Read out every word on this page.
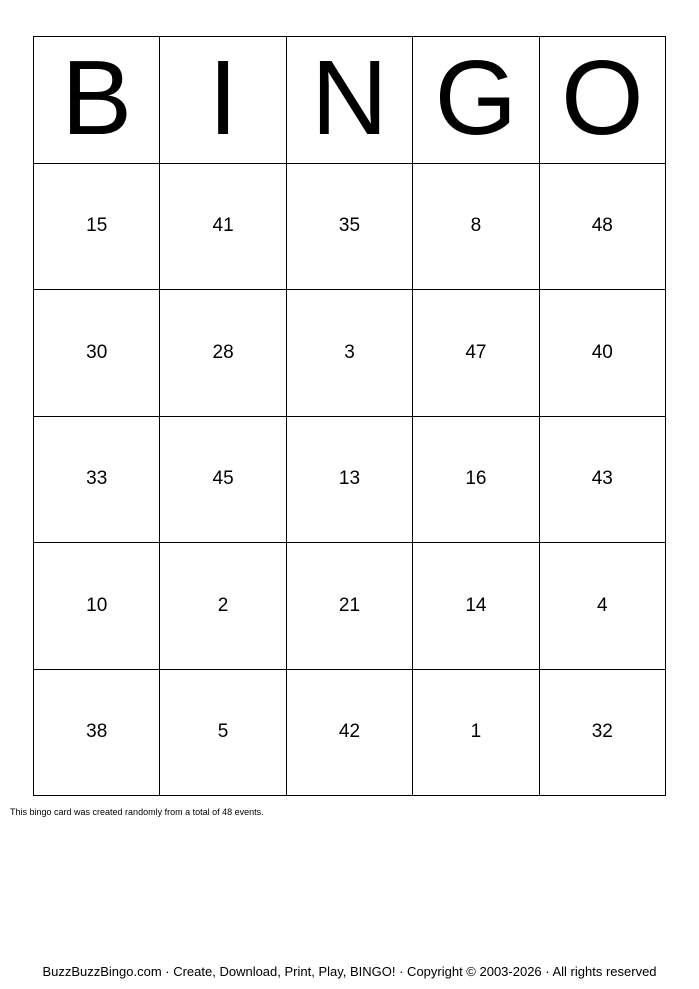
B I N G O
15	41	35	8	48
30	28	3	47	40
33	45	13	16	43
10	2	21	14	4
38	5	42	1	32
This bingo card was created randomly from a total of 48 events.
BuzzBuzzBingo.com · Create, Download, Print, Play, BINGO! · Copyright © 2003-2026 · All rights reserved
